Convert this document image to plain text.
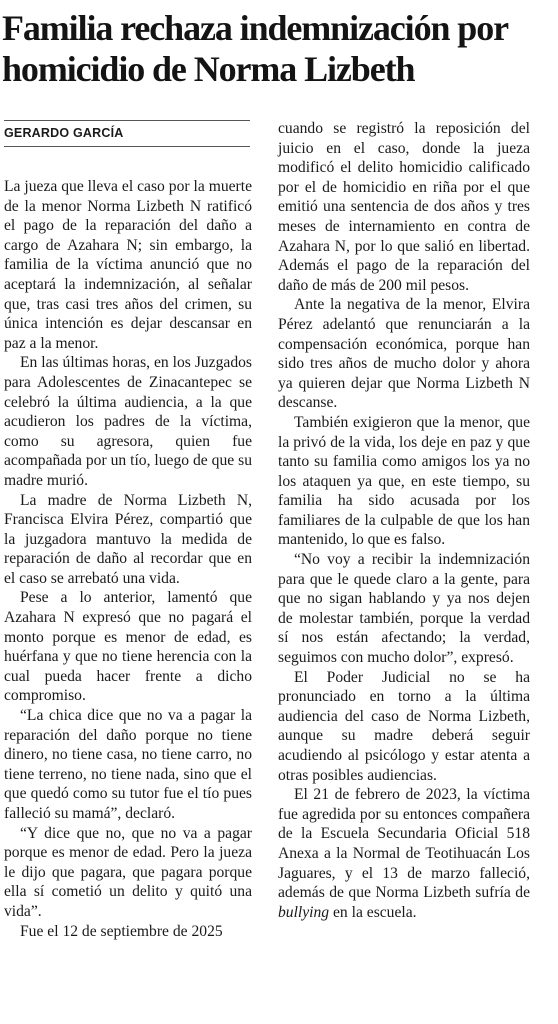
Familia rechaza indemnización por homicidio de Norma Lizbeth
GERARDO GARCÍA

La jueza que lleva el caso por la muerte de la menor Norma Lizbeth N ratificó el pago de la reparación del daño a cargo de Azahara N; sin embargo, la familia de la víctima anunció que no aceptará la indemnización, al señalar que, tras casi tres años del crimen, su única intención es dejar descansar en paz a la menor.

En las últimas horas, en los Juzgados para Adolescentes de Zinacantepec se celebró la última audiencia, a la que acudieron los padres de la víctima, como su agresora, quien fue acompañada por un tío, luego de que su madre murió.

La madre de Norma Lizbeth N, Francisca Elvira Pérez, compartió que la juzgadora mantuvo la medida de reparación de daño al recordar que en el caso se arrebató una vida.

Pese a lo anterior, lamentó que Azahara N expresó que no pagará el monto porque es menor de edad, es huérfana y que no tiene herencia con la cual pueda hacer frente a dicho compromiso.

“La chica dice que no va a pagar la reparación del daño porque no tiene dinero, no tiene casa, no tiene carro, no tiene terreno, no tiene nada, sino que el que quedó como su tutor fue el tío pues falleció su mamá”, declaró.

“Y dice que no, que no va a pagar porque es menor de edad. Pero la jueza le dijo que pagara, que pagara porque ella sí cometió un delito y quitó una vida”.

Fue el 12 de septiembre de 2025

cuando se registró la reposición del juicio en el caso, donde la jueza modificó el delito homicidio calificado por el de homicidio en riña por el que emitió una sentencia de dos años y tres meses de internamiento en contra de Azahara N, por lo que salió en libertad. Además el pago de la reparación del daño de más de 200 mil pesos.

Ante la negativa de la menor, Elvira Pérez adelantó que renunciarán a la compensación económica, porque han sido tres años de mucho dolor y ahora ya quieren dejar que Norma Lizbeth N descanse.

También exigieron que la menor, que la privó de la vida, los deje en paz y que tanto su familia como amigos los ya no los ataquen ya que, en este tiempo, su familia ha sido acusada por los familiares de la culpable de que los han mantenido, lo que es falso.

“No voy a recibir la indemnización para que le quede claro a la gente, para que no sigan hablando y ya nos dejen de molestar también, porque la verdad sí nos están afectando; la verdad, seguimos con mucho dolor”, expresó.

El Poder Judicial no se ha pronunciado en torno a la última audiencia del caso de Norma Lizbeth, aunque su madre deberá seguir acudiendo al psicólogo y estar atenta a otras posibles audiencias.

El 21 de febrero de 2023, la víctima fue agredida por su entonces compañera de la Escuela Secundaria Oficial 518 Anexa a la Normal de Teotihuacán Los Jaguares, y el 13 de marzo falleció, además de que Norma Lizbeth sufría de bullying en la escuela.
